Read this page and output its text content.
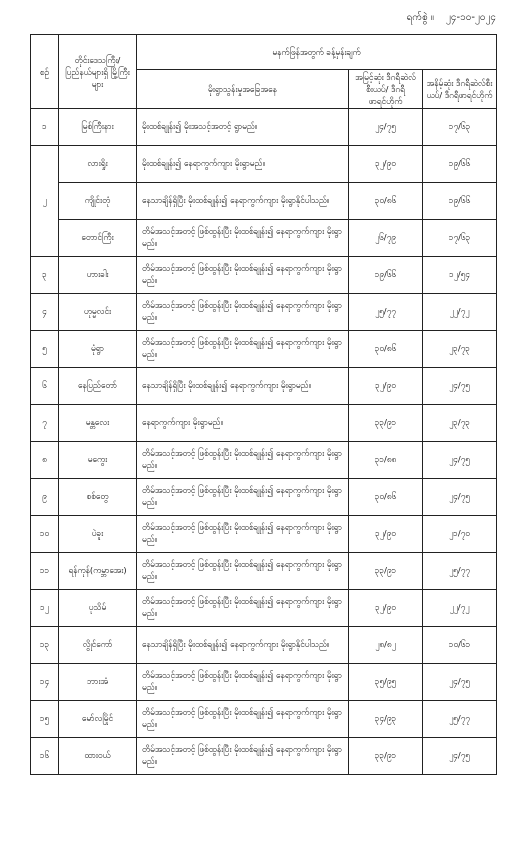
ရက်စွဲ ။ ၂၄-၁၀-၂၀၂၄
စဉ်	တိုင်းဒေသကြီး/ ပြည်နယ်များရှိ မြို့ကြီးများ	မနက်ဖြန်အတွက် ခန့်မှန်းချက်		
		မိုးရွာသွန်းမှုအခြေအနေ	အမြင့်ဆုံး ဒီဂရီဆဲလ်စီးယပ်/ ဒီဂရီဖာရင်ဟိုက်	အနိမ့်ဆုံး ဒီဂရီဆဲလ်စီးယပ်/ ဒီဂရီဖာရင်ဟိုက်
၁	မြစ်ကြီးနား	မိုးထစ်ချုန်း၍ မိုးအသင့်အတင့် ရွာမည်။	၂၄/၇၅	၁၇/၆၃
၂	လားရှိုး	မိုးထစ်ချုန်း၍ နေရာကွက်ကျား မိုးရွာမည်။	၃၂/၉၀	၁၉/၆၆
	ကျိုင်းတုံ	နေသာချိန်ရှိပြီး မိုးထစ်ချုန်း၍ နေရာကွက်ကျား မိုးရွာနိုင်ပါသည်။	၃၀/၈၆	၁၉/၆၆
	တောင်ကြီး	တိမ်အသင့်အတင့် ဖြစ်ထွန်းပြီး မိုးထစ်ချုန်း၍ နေရာကွက်ကျား မိုးရွာမည်။	၂၆/၇၉	၁၇/၆၃
၃	ဟားခါး	တိမ်အသင့်အတင့် ဖြစ်ထွန်းပြီး မိုးထစ်ချုန်း၍ နေရာကွက်ကျား မိုးရွာမည်။	၁၉/၆၆	၁၂/၅၄
၄	ဟုမ္မလင်း	တိမ်အသင့်အတင့် ဖြစ်ထွန်းပြီး မိုးထစ်ချုန်း၍ နေရာကွက်ကျား မိုးရွာမည်။	၂၅/၇၇	၂၂/၇၂
၅	မုံရွာ	တိမ်အသင့်အတင့် ဖြစ်ထွန်းပြီး မိုးထစ်ချုန်း၍ နေရာကွက်ကျား မိုးရွာမည်။	၃၀/၈၆	၂၃/၇၃
၆	နေပြည်တော်	နေသာချိန်ရှိပြီး မိုးထစ်ချုန်း၍ နေရာကွက်ကျား မိုးရွာမည်။	၃၂/၉၀	၂၄/၇၅
၇	မန္တလေး	နေရာကွက်ကျား မိုးရွာမည်။	၃၃/၉၁	၂၃/၇၃
၈	မကွေး	တိမ်အသင့်အတင့် ဖြစ်ထွန်းပြီး မိုးထစ်ချုန်း၍ နေရာကွက်ကျား မိုးရွာမည်။	၃၁/၈၈	၂၄/၇၅
၉	စစ်တွေ	တိမ်အသင့်အတင့် ဖြစ်ထွန်းပြီး မိုးထစ်ချုန်း၍ နေရာကွက်ကျား မိုးရွာမည်။	၃၀/၈၆	၂၄/၇၅
၁၀	ပဲခူး	တိမ်အသင့်အတင့် ဖြစ်ထွန်းပြီး မိုးထစ်ချုန်း၍ နေရာကွက်ကျား မိုးရွာမည်။	၃၂/၉၀	၂၁/၇၀
၁၁	ရန်ကုန်(ကမ္ဘာအေး)	တိမ်အသင့်အတင့် ဖြစ်ထွန်းပြီး မိုးထစ်ချုန်း၍ နေရာကွက်ကျား မိုးရွာမည်။	၃၃/၉၁	၂၅/၇၇
၁၂	ပုသိမ်	တိမ်အသင့်အတင့် ဖြစ်ထွန်းပြီး မိုးထစ်ချုန်း၍ နေရာကွက်ကျား မိုးရွာမည်။	၃၂/၉၀	၂၂/၇၂
၁၃	လွိုင်ကော်	နေသာချိန်ရှိပြီး မိုးထစ်ချုန်း၍ နေရာကွက်ကျား မိုးရွာနိုင်ပါသည်။	၂၈/၈၂	၁၀/၆၁
၁၄	ဘားအံ	တိမ်အသင့်အတင့် ဖြစ်ထွန်းပြီး မိုးထစ်ချုန်း၍ နေရာကွက်ကျား မိုးရွာမည်။	၃၅/၉၅	၂၄/၇၅
၁၅	မော်လမြိုင်	တိမ်အသင့်အတင့် ဖြစ်ထွန်းပြီး မိုးထစ်ချုန်း၍ နေရာကွက်ကျား မိုးရွာမည်။	၃၄/၉၃	၂၅/၇၇
၁၆	ထားဝယ်	တိမ်အသင့်အတင့် ဖြစ်ထွန်းပြီး မိုးထစ်ချုန်း၍ နေရာကွက်ကျား မိုးရွာမည်။	၃၃/၉၁	၂၄/၇၅
